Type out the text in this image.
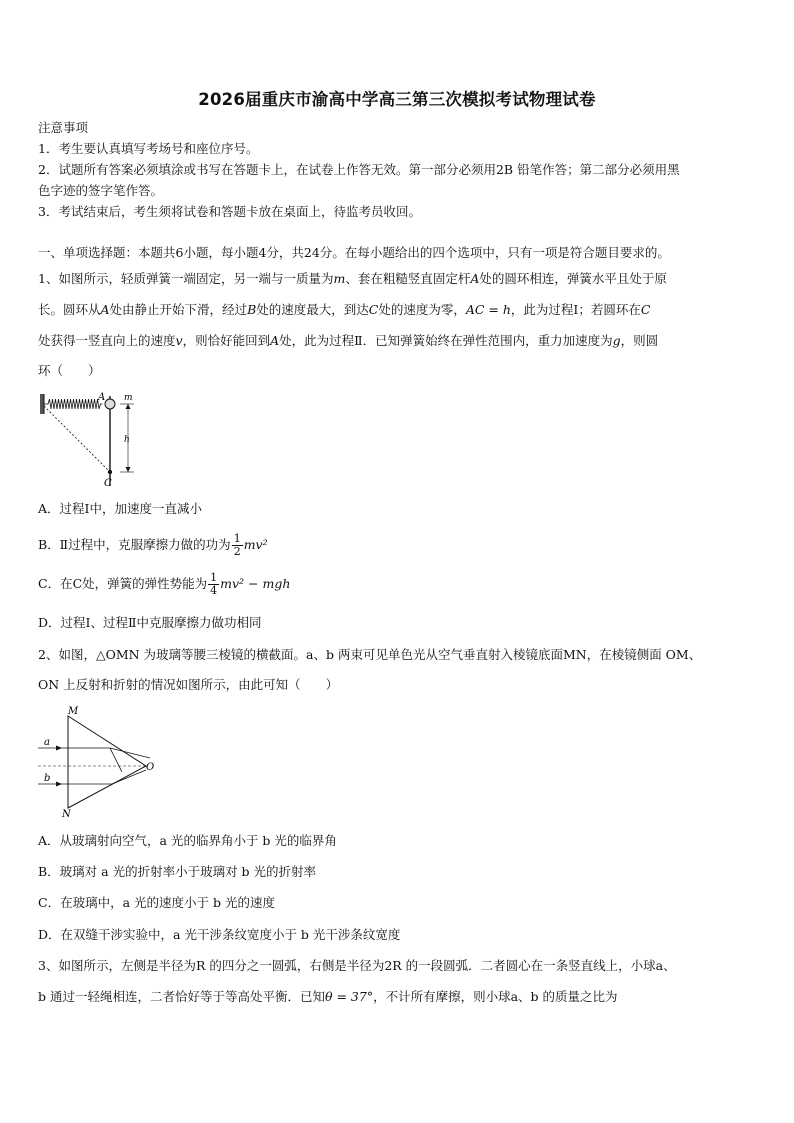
2026届重庆市渝高中学高三第三次模拟考试物理试卷
注意事项
1．考生要认真填写考场号和座位序号。
2．试题所有答案必须填涂或书写在答题卡上，在试卷上作答无效。第一部分必须用2B 铅笔作答；第二部分必须用黑
色字迹的签字笔作答。
3．考试结束后，考生须将试卷和答题卡放在桌面上，待监考员收回。
一、单项选择题：本题共6小题，每小题4分，共24分。在每小题给出的四个选项中，只有一项是符合题目要求的。
1、如图所示，轻质弹簧一端固定，另一端与一质量为m、套在粗糙竖直固定杆A处的圆环相连，弹簧水平且处于原
长。圆环从A处由静止开始下滑，经过B处的速度最大，到达C处的速度为零，AC = h，此为过程Ⅰ；若圆环在C
处获得一竖直向上的速度v，则恰好能回到A处，此为过程Ⅱ．已知弹簧始终在弹性范围内，重力加速度为g，则圆
环（　　）
A m
h
C
A．过程Ⅰ中，加速度一直减小
B．Ⅱ过程中，克服摩擦力做的功为 $\frac{1}{2} mv^2$
C．在C处，弹簧的弹性势能为 $\frac{1}{4} mv^2$ − mgh
D．过程Ⅰ、过程Ⅱ中克服摩擦力做功相同
2、如图，△OMN 为玻璃等腰三棱镜的横截面。a、b 两束可见单色光从空气垂直射入棱镜底面MN，在棱镜侧面 OM、
ON 上反射和折射的情况如图所示，由此可知（　　）
M
a
b
O
N
A．从玻璃射向空气，a 光的临界角小于 b 光的临界角
B．玻璃对 a 光的折射率小于玻璃对 b 光的折射率
C．在玻璃中，a 光的速度小于 b 光的速度
D．在双缝干涉实验中，a 光干涉条纹宽度小于 b 光干涉条纹宽度
3、如图所示，左侧是半径为R 的四分之一圆弧，右侧是半径为2R 的一段圆弧．二者圆心在一条竖直线上，小球a、
b 通过一轻绳相连，二者恰好等于等高处平衡．已知θ = 37°，不计所有摩擦，则小球a、b 的质量之比为
